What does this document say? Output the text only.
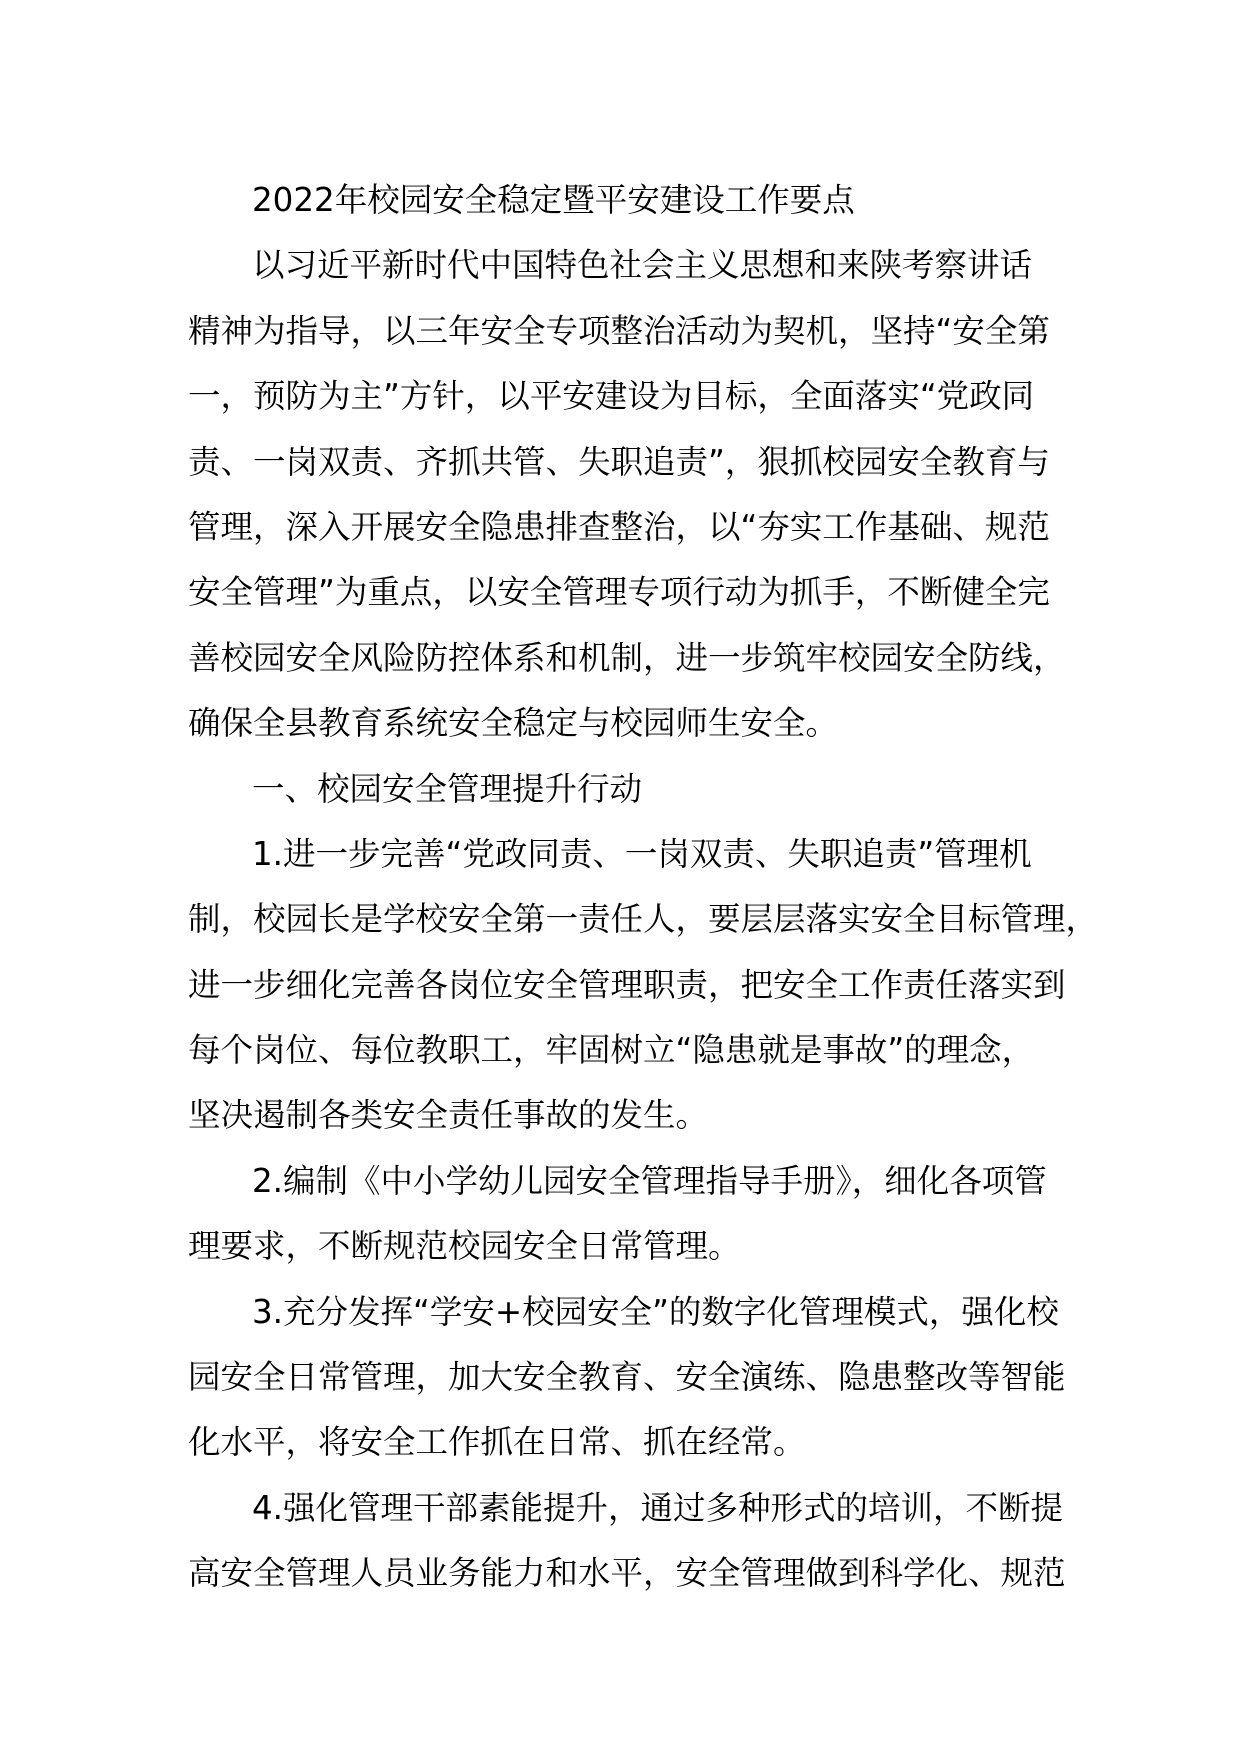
2022年校园安全稳定暨平安建设工作要点
以习近平新时代中国特色社会主义思想和来陕考察讲话
精神为指导，以三年安全专项整治活动为契机，坚持“安全第
一，预防为主”方针，以平安建设为目标，全面落实“党政同
责、一岗双责、齐抓共管、失职追责”，狠抓校园安全教育与
管理，深入开展安全隐患排查整治，以“夯实工作基础、规范
安全管理”为重点，以安全管理专项行动为抓手，不断健全完
善校园安全风险防控体系和机制，进一步筑牢校园安全防线，
确保全县教育系统安全稳定与校园师生安全。
一、校园安全管理提升行动
1.进一步完善“党政同责、一岗双责、失职追责”管理机
制，校园长是学校安全第一责任人，要层层落实安全目标管理，
进一步细化完善各岗位安全管理职责，把安全工作责任落实到
每个岗位、每位教职工，牢固树立“隐患就是事故”的理念，
坚决遏制各类安全责任事故的发生。
2.编制《中小学幼儿园安全管理指导手册》，细化各项管
理要求，不断规范校园安全日常管理。
3.充分发挥“学安+校园安全”的数字化管理模式，强化校
园安全日常管理，加大安全教育、安全演练、隐患整改等智能
化水平，将安全工作抓在日常、抓在经常。
4.强化管理干部素能提升，通过多种形式的培训，不断提
高安全管理人员业务能力和水平，安全管理做到科学化、规范
